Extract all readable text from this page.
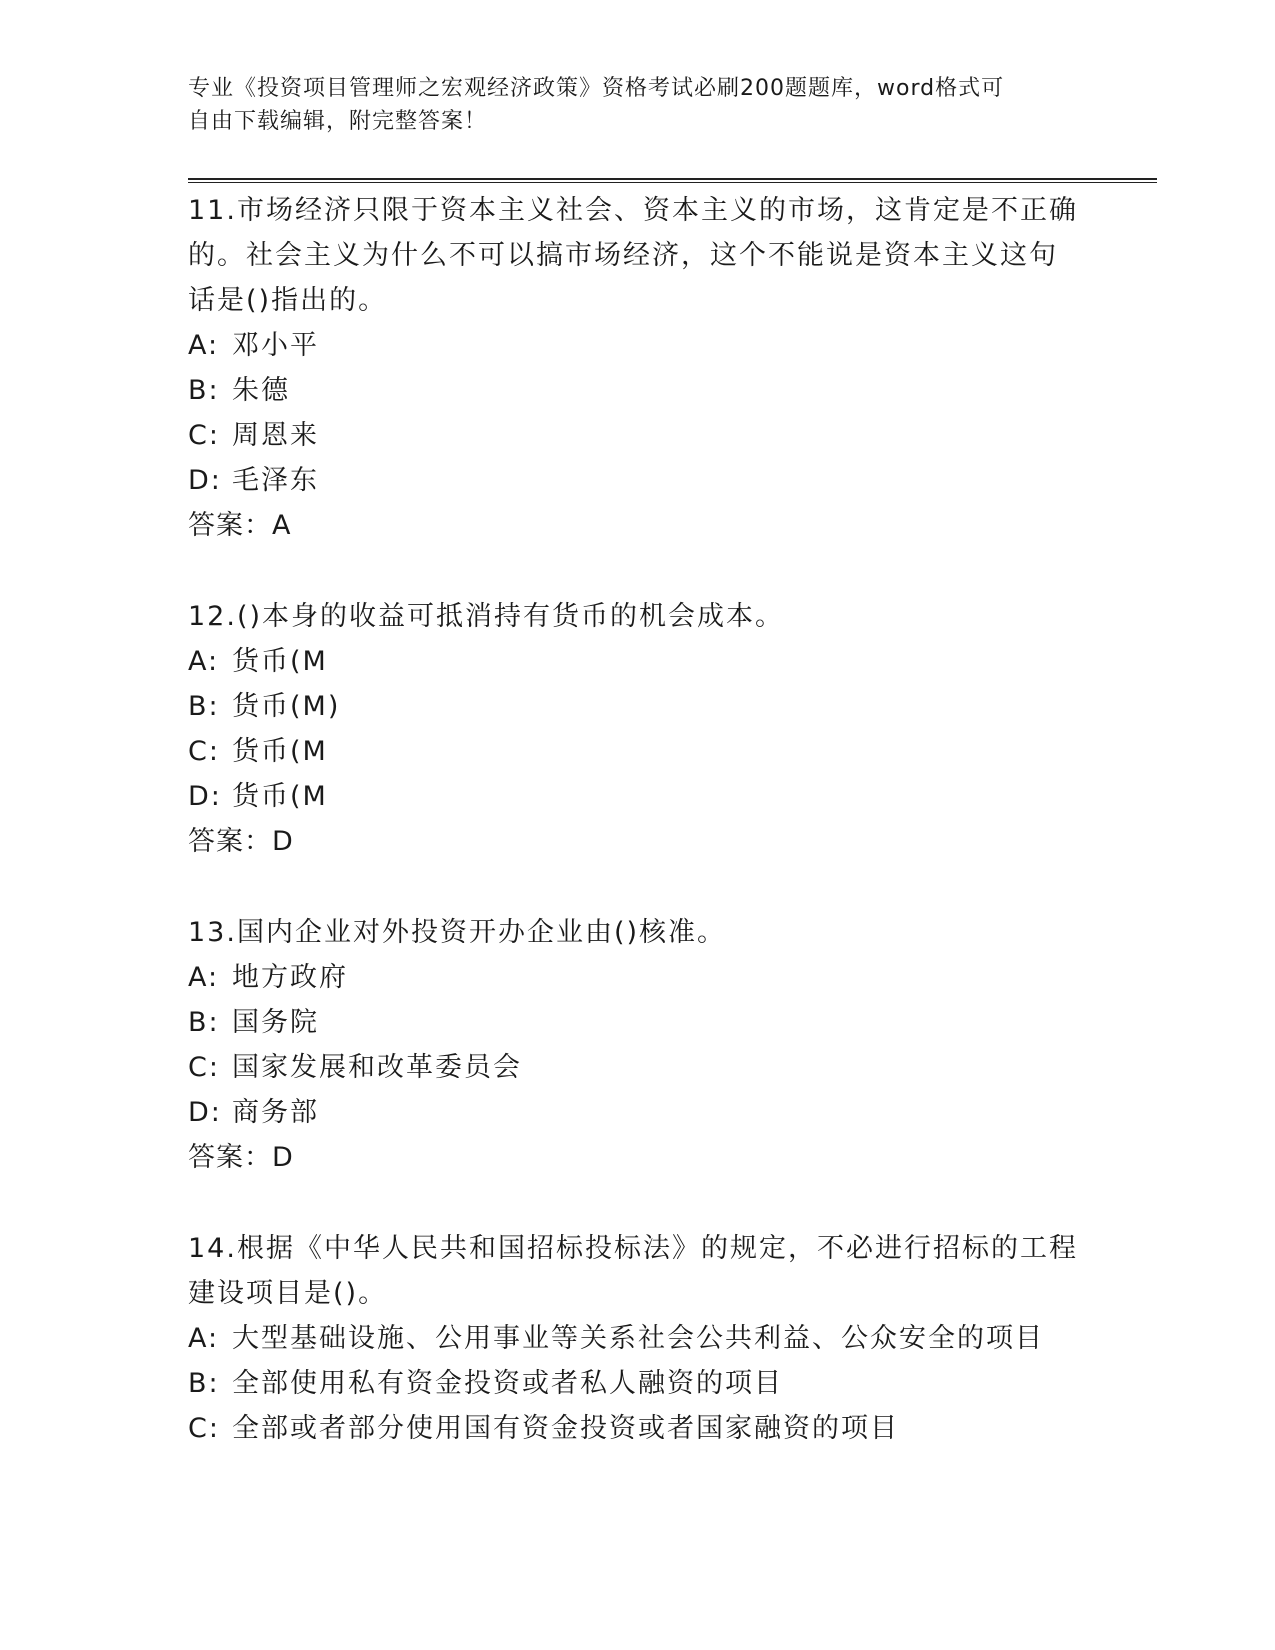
专业《投资项目管理师之宏观经济政策》资格考试必刷200题题库，word格式可
自由下载编辑，附完整答案！
11.市场经济只限于资本主义社会、资本主义的市场，这肯定是不正确
的。社会主义为什么不可以搞市场经济，这个不能说是资本主义这句
话是()指出的。
A: 邓小平
B: 朱德
C: 周恩来
D: 毛泽东
答案：A
12.()本身的收益可抵消持有货币的机会成本。
A: 货币(M
B: 货币(M)
C: 货币(M
D: 货币(M
答案：D
13.国内企业对外投资开办企业由()核准。
A: 地方政府
B: 国务院
C: 国家发展和改革委员会
D: 商务部
答案：D
14.根据《中华人民共和国招标投标法》的规定，不必进行招标的工程
建设项目是()。
A: 大型基础设施、公用事业等关系社会公共利益、公众安全的项目
B: 全部使用私有资金投资或者私人融资的项目
C: 全部或者部分使用国有资金投资或者国家融资的项目
